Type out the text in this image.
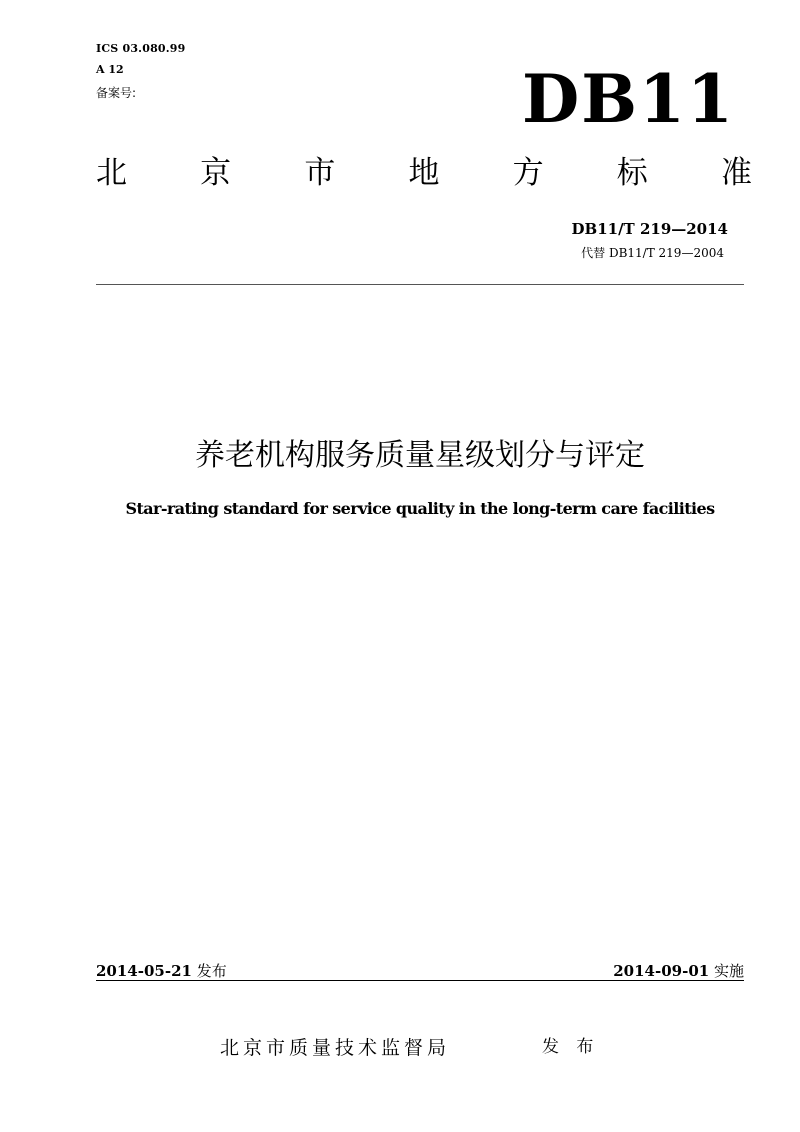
ICS 03.080.99
A 12
备案号:	DB11
北 京 市 地 方 标 准
DB11/T 219—2014
代替 DB11/T 219—2004
养老机构服务质量星级划分与评定
Star-rating standard for service quality in the long-term care facilities
2014-05-21 发布	2014-09-01 实施
北京市质量技术监督局	发 布
